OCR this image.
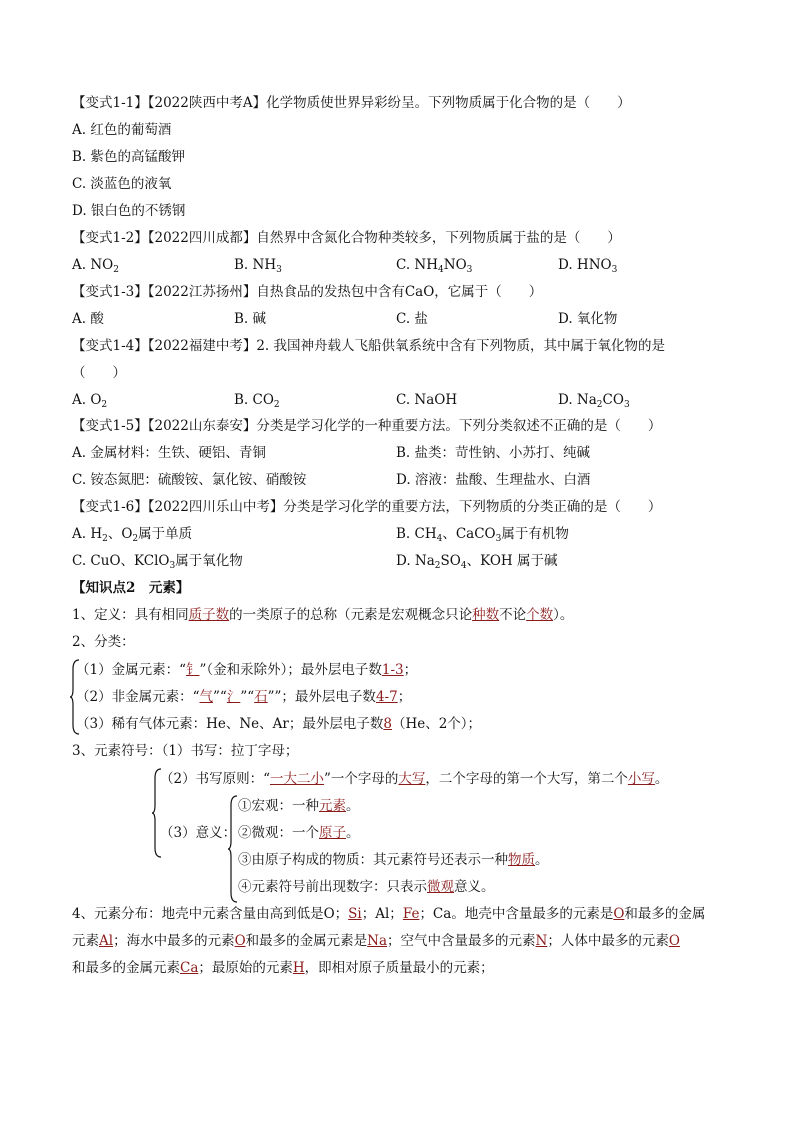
【变式1-1】【2022陕西中考A】化学物质使世界异彩纷呈。下列物质属于化合物的是（　　）
A. 红色的葡萄酒
B. 紫色的高锰酸钾
C. 淡蓝色的液氧
D. 银白色的不锈钢
【变式1-2】【2022四川成都】自然界中含氮化合物种类较多，下列物质属于盐的是（　　）
A. $NO_2$	B. $NH_3$	C. $NH_4NO_3$	D. $HNO_3$
【变式1-3】【2022江苏扬州】自热食品的发热包中含有CaO，它属于（　　）
A. 酸	B. 碱	C. 盐	D. 氧化物
【变式1-4】【2022福建中考】2. 我国神舟载人飞船供氧系统中含有下列物质，其中属于氧化物的是
（　　）
A. $O_2$	B. $CO_2$	C. NaOH	D. $Na_2CO_3$
【变式1-5】【2022山东泰安】分类是学习化学的一种重要方法。下列分类叙述不正确的是（　　）
A. 金属材料：生铁、硬铝、青铜	B. 盐类：苛性钠、小苏打、纯碱
C. 铵态氮肥：硫酸铵、氯化铵、硝酸铵	D. 溶液：盐酸、生理盐水、白酒
【变式1-6】【2022四川乐山中考】分类是学习化学的重要方法，下列物质的分类正确的是（　　）
A. $H_2$、$O_2$属于单质	B. $CH_4$、CaCO$_3$属于有机物
C. CuO、KClO$_3$属于氧化物	D. $Na_2SO_4$、KOH 属于碱
【知识点2　元素】
1、定义：具有相同质子数的一类原子的总称（元素是宏观概念只论种数不论个数）。
2、分类：
（1）金属元素：“钅”（金和汞除外）；最外层电子数1-3；
（2）非金属元素：“气”“氵”“石””；最外层电子数4-7；
（3）稀有气体元素：He、Ne、Ar；最外层电子数8（He、2个）；
3、元素符号：（1）书写：拉丁字母；
（2）书写原则：“一大二小”一个字母的大写，二个字母的第一个大写，第二个小写。
（3）意义：
①宏观：一种元素。
②微观：一个原子。
③由原子构成的物质：其元素符号还表示一种物质。
④元素符号前出现数字：只表示微观意义。
4、元素分布：地壳中元素含量由高到低是O；Si；Al；Fe；Ca。地壳中含量最多的元素是O和最多的金属
元素Al；海水中最多的元素O和最多的金属元素是Na；空气中含量最多的元素N；人体中最多的元素O
和最多的金属元素Ca；最原始的元素H，即相对原子质量最小的元素；
